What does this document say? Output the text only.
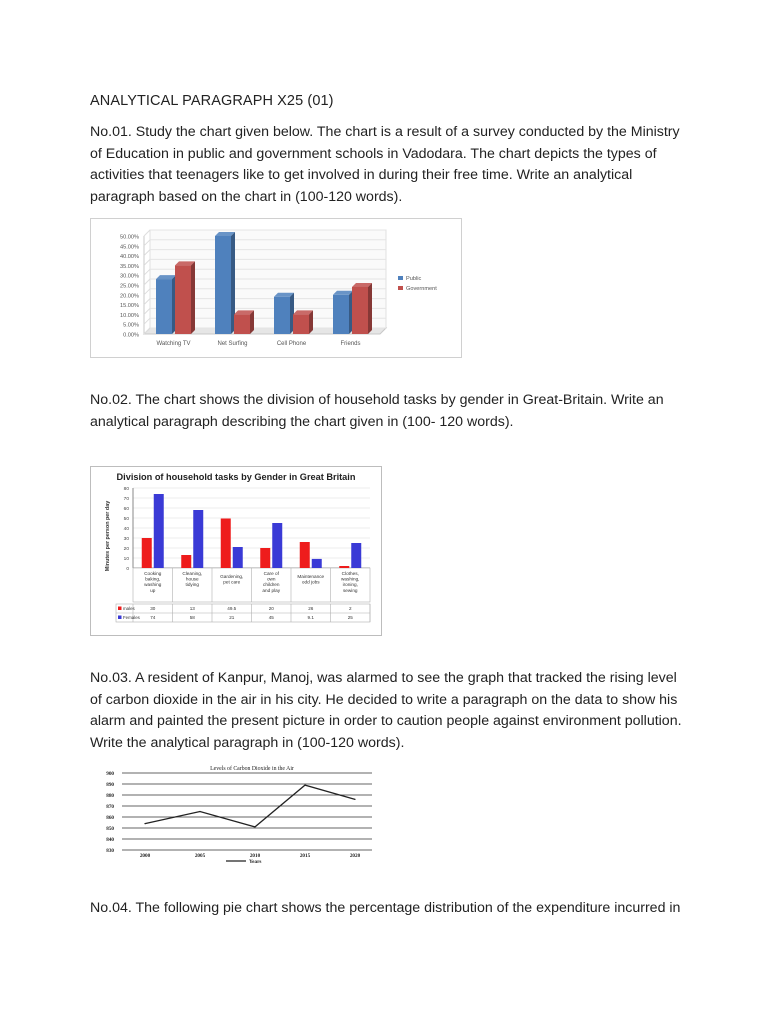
ANALYTICAL PARAGRAPH X25 (01)

No.01. Study the chart given below. The chart is a result of a survey conducted by the Ministry of Education in public and government schools in Vadodara. The chart depicts the types of activities that teenagers like to get involved in during their free time. Write an analytical paragraph based on the chart in (100-120 words).

0.00%
5.00%
10.00%
15.00%
20.00%
25.00%
30.00%
35.00%
40.00%
45.00%
50.00%
Watching TV	Net Surfing	Cell Phone	Friends
Public
Government

No.02. The chart shows the division of household tasks by gender in Great-Britain. Write an analytical paragraph describing the chart given in (100- 120 words).

Division of household tasks by Gender in Great Britain
Minutes per person per day	0
10
20
30
40
50
60
70
80
Cooking baking, washing up
Cleaning, house tidying
Gardening, pet care
Care of own children and play
Maintenance odd jobs
Clothes, washing, ironing, sewing
males	30	13	49.5	20	26	2
Females 74	58	21	45	9.1	25

No.03. A resident of Kanpur, Manoj, was alarmed to see the graph that tracked the rising level of carbon dioxide in the air in his city. He decided to write a paragraph on the data to show his alarm and painted the present picture in order to caution people against environment pollution. Write the analytical paragraph in (100-120 words).

Levels of Carbon Dioxide in the Air
830
840
850
860
870
880
890
900
2000	2005	2010	2015	2020
Years

No.04. The following pie chart shows the percentage distribution of the expenditure incurred in
